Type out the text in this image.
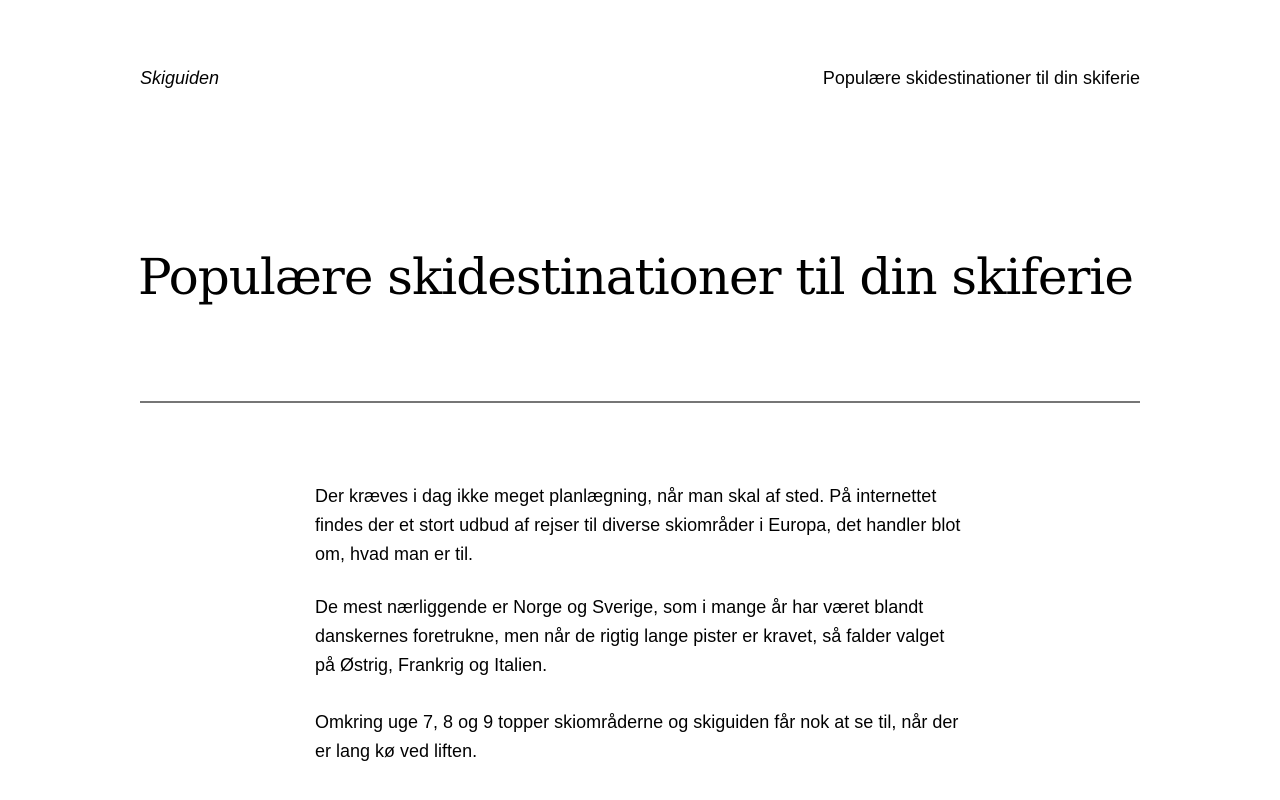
Skiguiden	Populære skidestinationer til din skiferie
Populære skidestinationer til din skiferie

Der kræves i dag ikke meget planlægning, når man skal af sted. På internettet findes der et stort udbud af rejser til diverse skiområder i Europa, det handler blot om, hvad man er til.

De mest nærliggende er Norge og Sverige, som i mange år har været blandt danskernes foretrukne, men når de rigtig lange pister er kravet, så falder valget på Østrig, Frankrig og Italien.

Omkring uge 7, 8 og 9 topper skiområderne og skiguiden får nok at se til, når der er lang kø ved liften.
